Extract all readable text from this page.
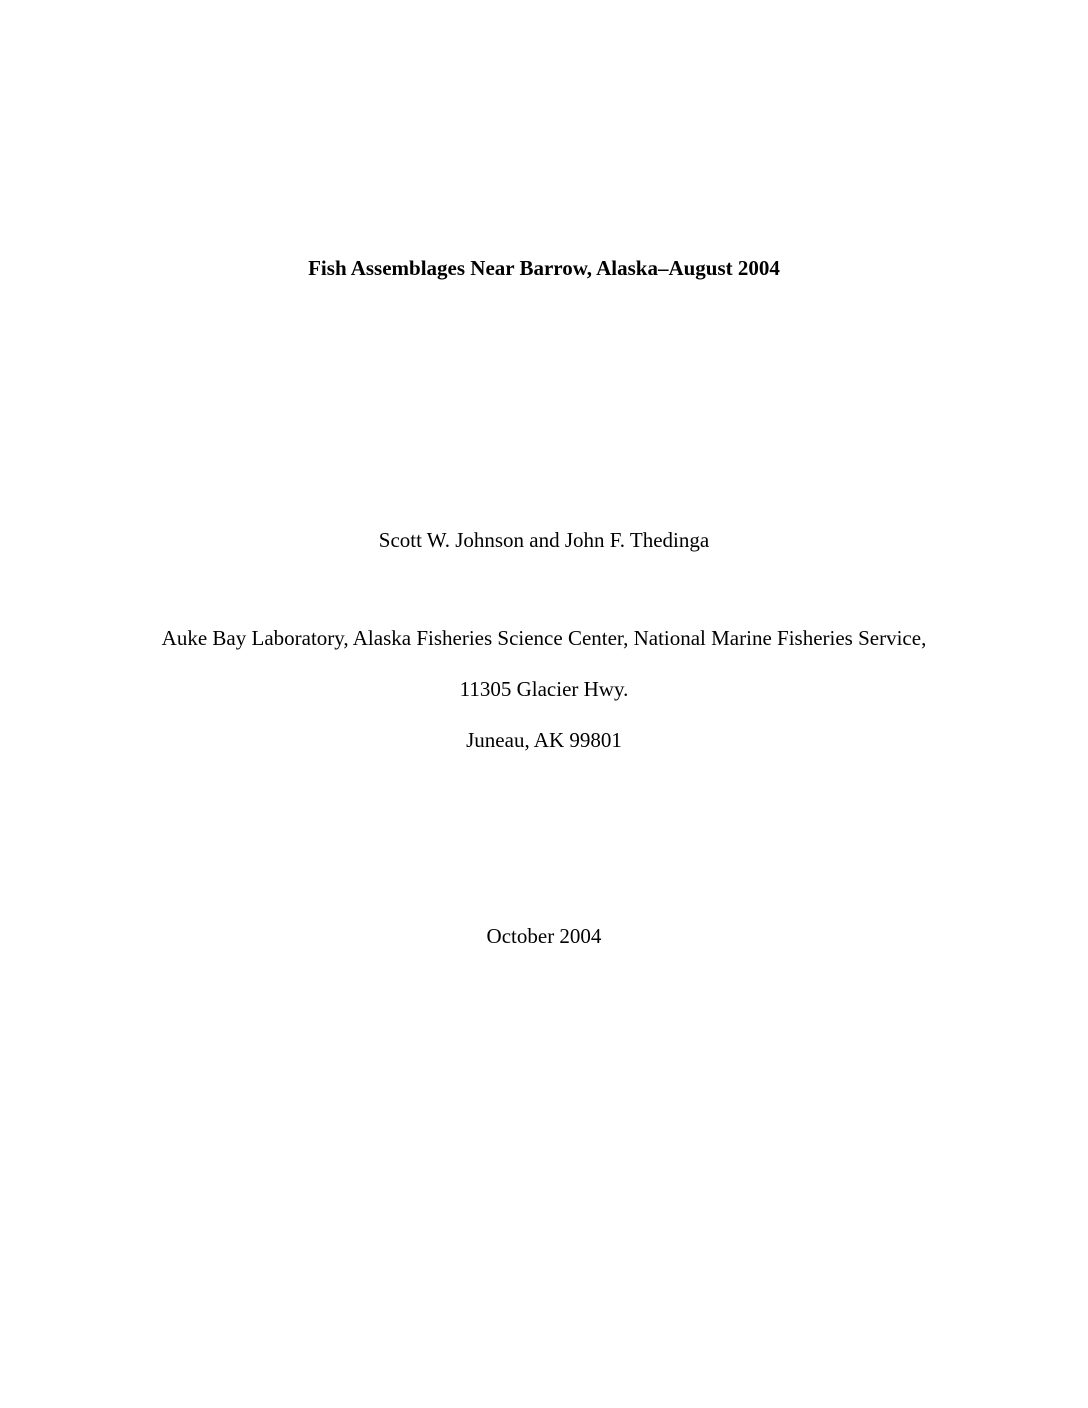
Fish Assemblages Near Barrow, Alaska–August 2004
Scott W. Johnson and John F. Thedinga
Auke Bay Laboratory, Alaska Fisheries Science Center, National Marine Fisheries Service,
11305 Glacier Hwy.
Juneau, AK 99801
October 2004
